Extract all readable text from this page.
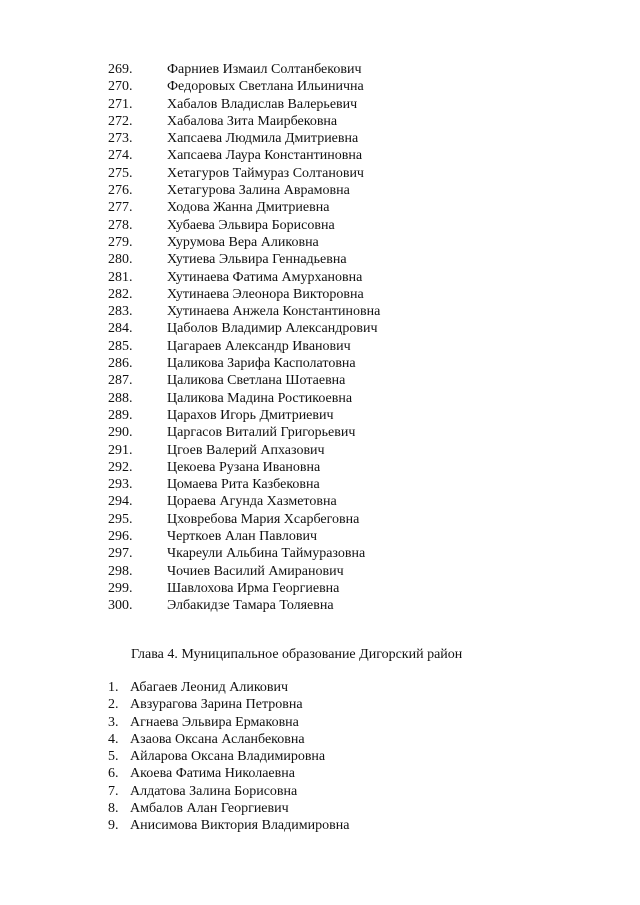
269. Фарниев Измаил Солтанбекович
270. Федоровых Светлана Ильинична
271. Хабалов Владислав Валерьевич
272. Хабалова Зита Маирбековна
273. Хапсаева Людмила Дмитриевна
274. Хапсаева Лаура Константиновна
275. Хетагуров Таймураз Солтанович
276. Хетагурова Залина Аврамовна
277. Ходова Жанна Дмитриевна
278. Хубаева Эльвира Борисовна
279. Хурумова Вера Аликовна
280. Хутиева Эльвира Геннадьевна
281. Хутинаева Фатима Амурхановна
282. Хутинаева Элеонора Викторовна
283. Хутинаева Анжела Константиновна
284. Цаболов Владимир Александрович
285. Цагараев Александр Иванович
286. Цаликова Зарифа Касполатовна
287. Цаликова Светлана Шотаевна
288. Цаликова Мадина Ростикоевна
289. Царахов Игорь Дмитриевич
290. Царгасов Виталий Григорьевич
291. Цгоев Валерий Апхазович
292. Цекоева Рузана Ивановна
293. Цомаева Рита Казбековна
294. Цораева Агунда Хазметовна
295. Цховребова Мария Хсарбеговна
296. Черткоев Алан Павлович
297. Чкареули Альбина Таймуразовна
298. Чочиев Василий Амиранович
299. Шавлохова Ирма Георгиевна
300. Элбакидзе Тамара Толяевна
Глава 4. Муниципальное образование Дигорский район
1. Абагаев Леонид Аликович
2. Авзурагова Зарина Петровна
3. Агнаева Эльвира Ермаковна
4. Азаова Оксана Асланбековна
5. Айларова Оксана Владимировна
6. Акоева Фатима Николаевна
7. Алдатова Залина Борисовна
8. Амбалов Алан Георгиевич
9. Анисимова Виктория Владимировна
